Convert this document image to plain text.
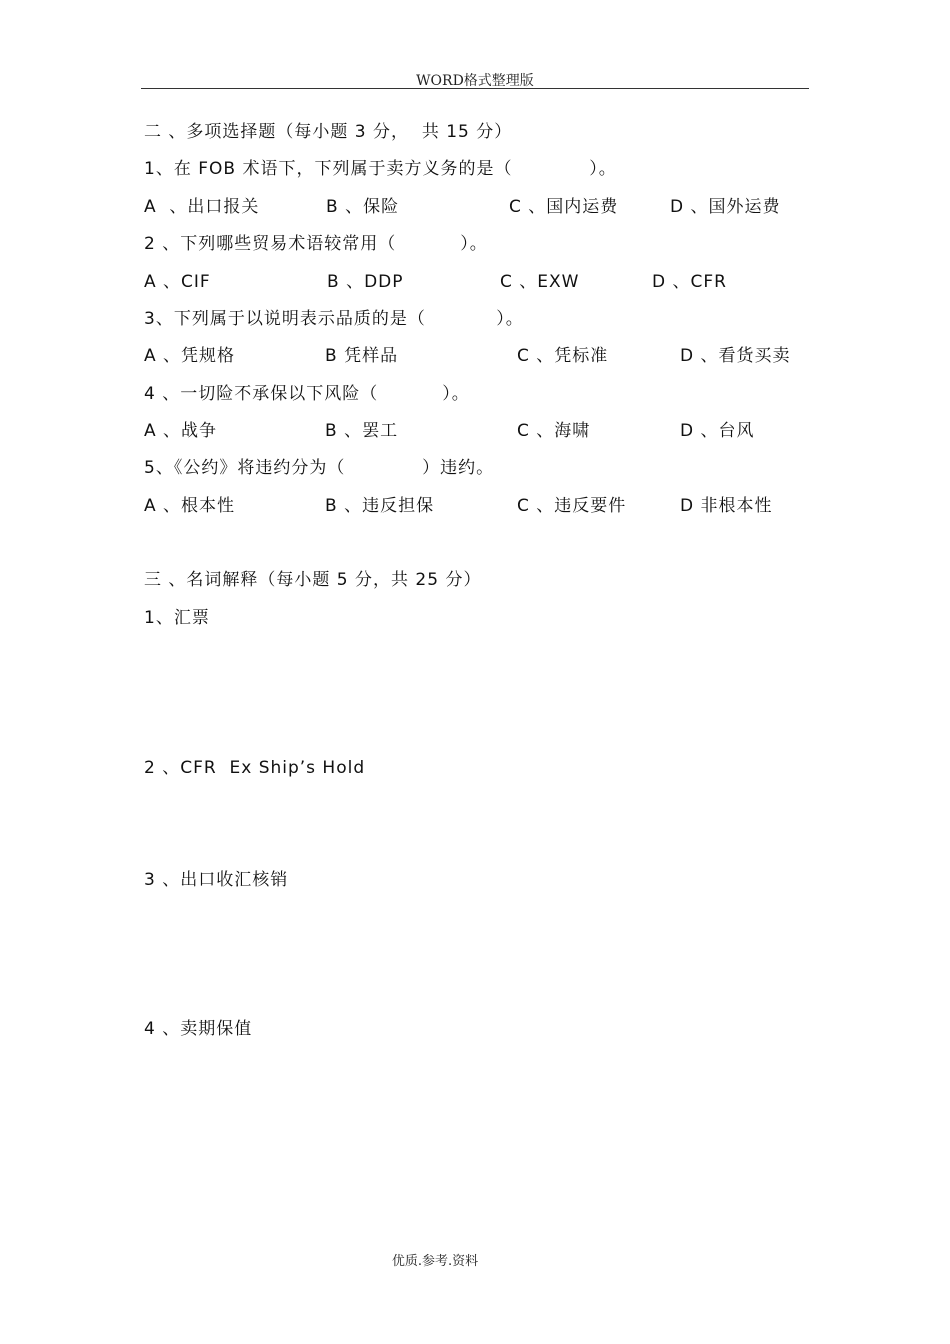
WORD格式整理版
二 、多项选择题（每小题 3 分，  共 15 分）
1、在 FOB 术语下，下列属于卖方义务的是（            ）。
A  、出口报关	B 、保险	C 、国内运费	D 、国外运费
2 、下列哪些贸易术语较常用（          ）。
A 、CIF	B 、DDP	C 、EXW	D 、CFR
3、下列属于以说明表示品质的是（           ）。
A 、凭规格	B 凭样品	C 、凭标准	D 、看货买卖
4 、一切险不承保以下风险（          ）。
A 、战争	B 、罢工	C 、海啸	D 、台风
5、《公约》将违约分为（            ）违约。
A 、根本性	B 、违反担保	C 、违反要件	D 非根本性
三 、名词解释（每小题 5 分，共 25 分）
1、汇票
2 、CFR  Ex Ship’s Hold
3 、出口收汇核销
4 、卖期保值
优质.参考.资料
